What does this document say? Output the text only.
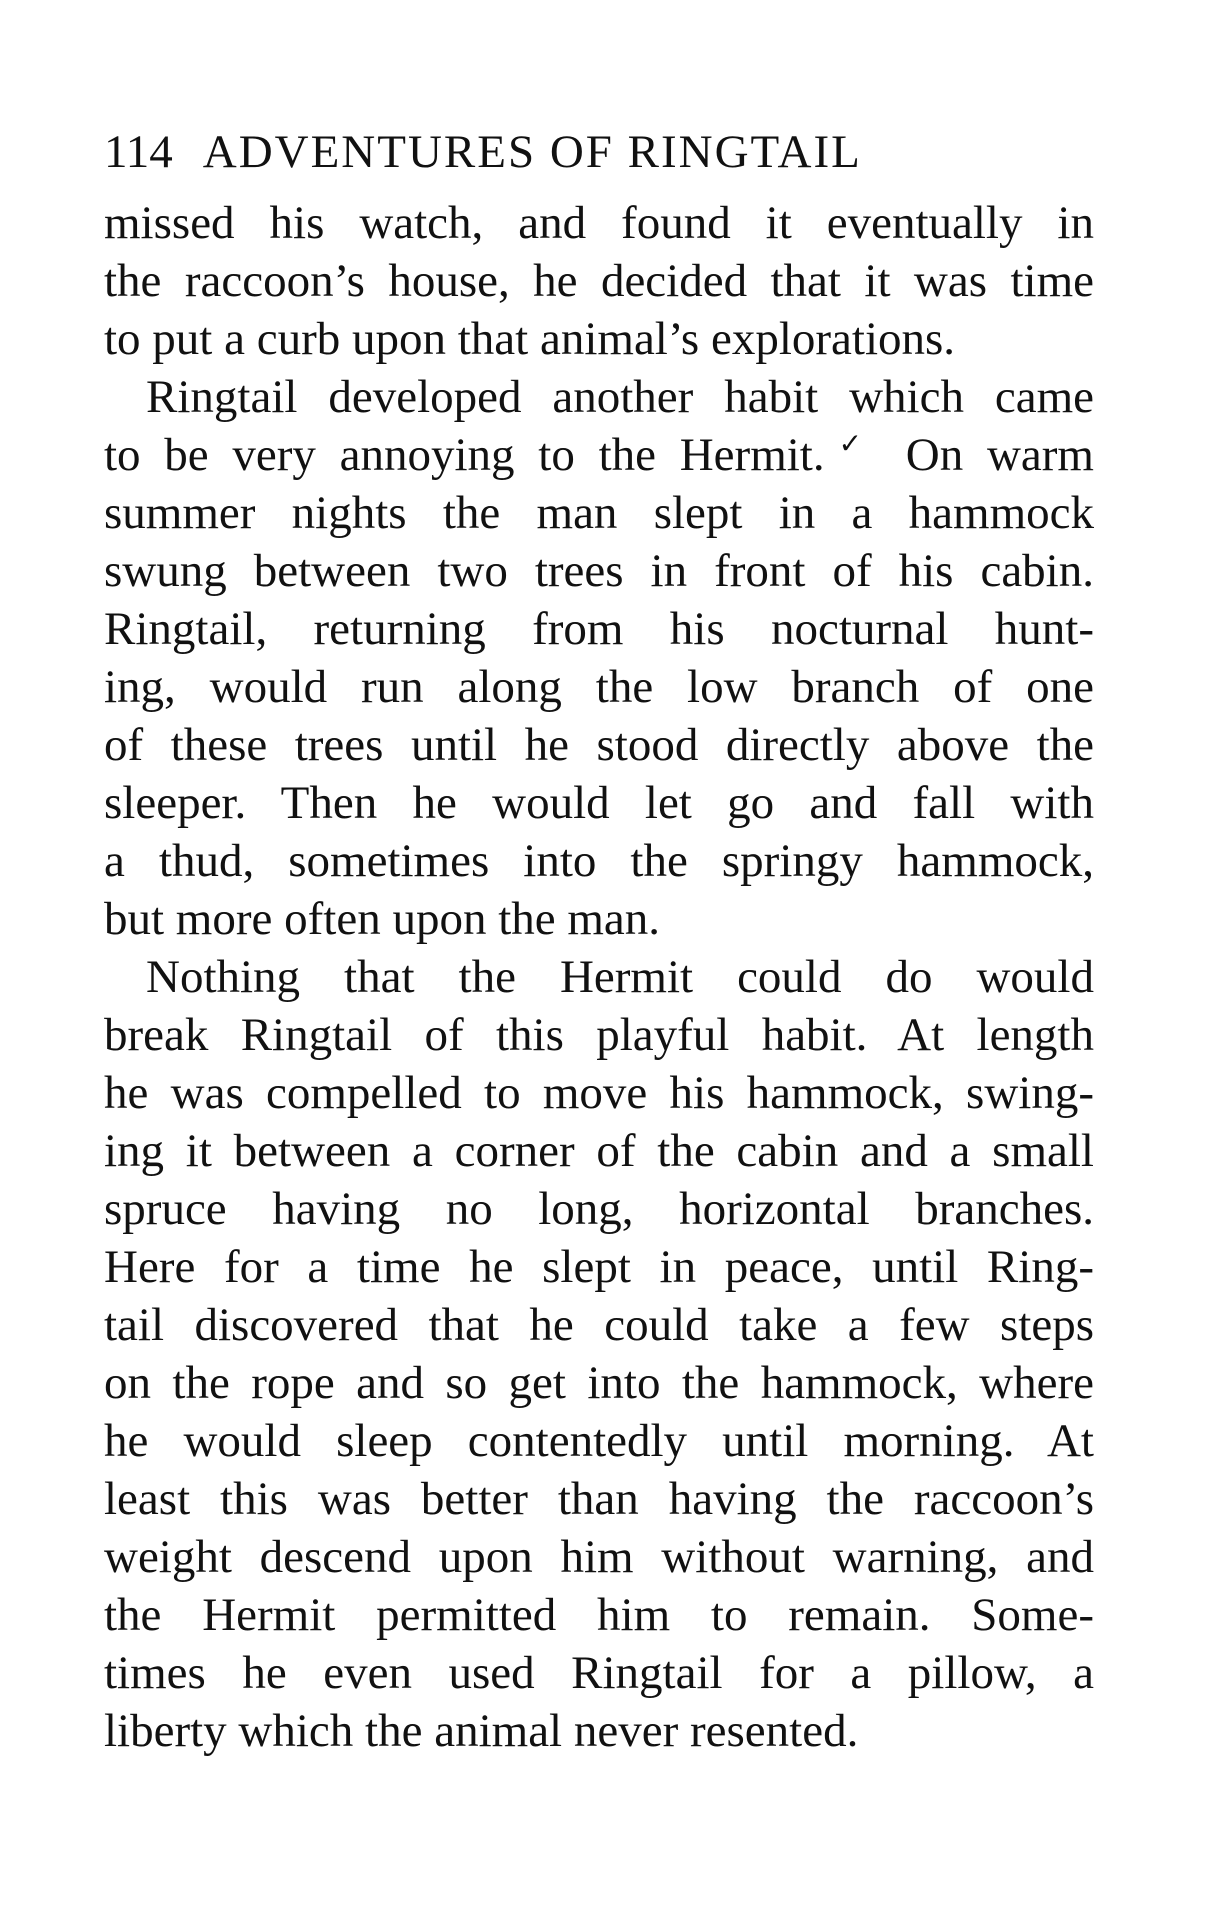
114 ADVENTURES OF RINGTAIL
missed his watch, and found it eventually in
the raccoon’s house, he decided that it was time
to put a curb upon that animal’s explorations.
Ringtail developed another habit which came
to be very annoying to the Hermit.✓ On warm
summer nights the man slept in a hammock
swung between two trees in front of his cabin.
Ringtail, returning from his nocturnal hunt-
ing, would run along the low branch of one
of these trees until he stood directly above the
sleeper. Then he would let go and fall with
a thud, sometimes into the springy hammock,
but more often upon the man.
Nothing that the Hermit could do would
break Ringtail of this playful habit. At length
he was compelled to move his hammock, swing-
ing it between a corner of the cabin and a small
spruce having no long, horizontal branches.
Here for a time he slept in peace, until Ring-
tail discovered that he could take a few steps
on the rope and so get into the hammock, where
he would sleep contentedly until morning. At
least this was better than having the raccoon’s
weight descend upon him without warning, and
the Hermit permitted him to remain. Some-
times he even used Ringtail for a pillow, a
liberty which the animal never resented.
